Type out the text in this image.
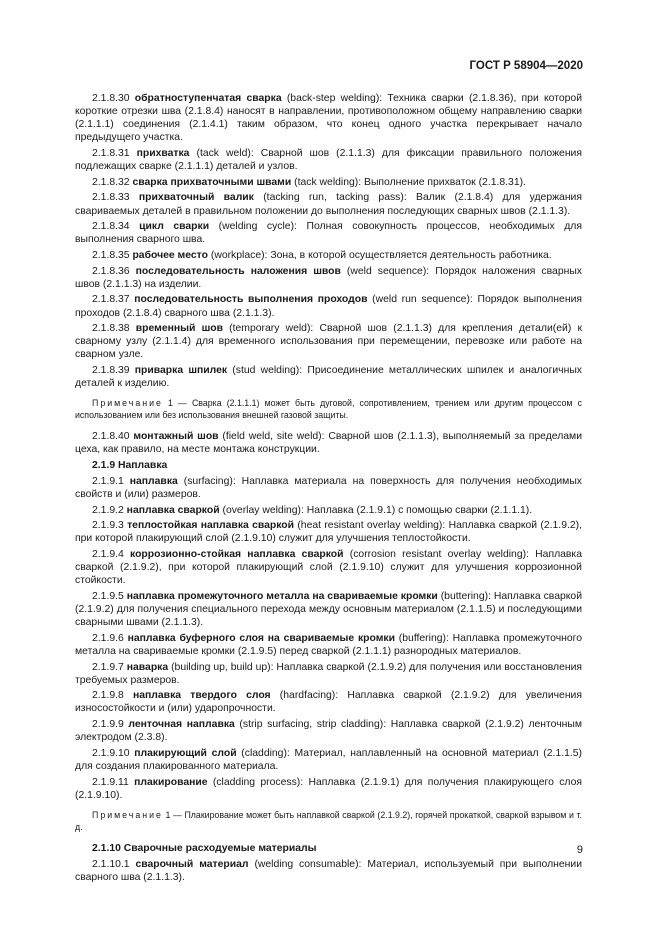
ГОСТ Р 58904—2020
2.1.8.30 обратноступенчатая сварка (back-step welding): Техника сварки (2.1.8.36), при которой короткие отрезки шва (2.1.8.4) наносят в направлении, противоположном общему направлению сварки (2.1.1.1) соединения (2.1.4.1) таким образом, что конец одного участка перекрывает начало предыдущего участка.
2.1.8.31 прихватка (tack weld): Сварной шов (2.1.1.3) для фиксации правильного положения подлежащих сварке (2.1.1.1) деталей и узлов.
2.1.8.32 сварка прихваточными швами (tack welding): Выполнение прихваток (2.1.8.31).
2.1.8.33 прихваточный валик (tacking run, tacking pass): Валик (2.1.8.4) для удержания свариваемых деталей в правильном положении до выполнения последующих сварных швов (2.1.1.3).
2.1.8.34 цикл сварки (welding cycle): Полная совокупность процессов, необходимых для выполнения сварного шва.
2.1.8.35 рабочее место (workplace): Зона, в которой осуществляется деятельность работника.
2.1.8.36 последовательность наложения швов (weld sequence): Порядок наложения сварных швов (2.1.1.3) на изделии.
2.1.8.37 последовательность выполнения проходов (weld run sequence): Порядок выполнения проходов (2.1.8.4) сварного шва (2.1.1.3).
2.1.8.38 временный шов (temporary weld): Сварной шов (2.1.1.3) для крепления детали(ей) к сварному узлу (2.1.1.4) для временного использования при перемещении, перевозке или работе на сварном узле.
2.1.8.39 приварка шпилек (stud welding): Присоединение металлических шпилек и аналогичных деталей к изделию.
Примечание 1 — Сварка (2.1.1.1) может быть дуговой, сопротивлением, трением или другим процессом с использованием или без использования внешней газовой защиты.
2.1.8.40 монтажный шов (field weld, site weld): Сварной шов (2.1.1.3), выполняемый за пределами цеха, как правило, на месте монтажа конструкции.
2.1.9 Наплавка
2.1.9.1 наплавка (surfacing): Наплавка материала на поверхность для получения необходимых свойств и (или) размеров.
2.1.9.2 наплавка сваркой (overlay welding): Наплавка (2.1.9.1) с помощью сварки (2.1.1.1).
2.1.9.3 теплостойкая наплавка сваркой (heat resistant overlay welding): Наплавка сваркой (2.1.9.2), при которой плакирующий слой (2.1.9.10) служит для улучшения теплостойкости.
2.1.9.4 коррозионно-стойкая наплавка сваркой (corrosion resistant overlay welding): Наплавка сваркой (2.1.9.2), при которой плакирующий слой (2.1.9.10) служит для улучшения коррозионной стойкости.
2.1.9.5 наплавка промежуточного металла на свариваемые кромки (buttering): Наплавка сваркой (2.1.9.2) для получения специального перехода между основным материалом (2.1.1.5) и последующими сварными швами (2.1.1.3).
2.1.9.6 наплавка буферного слоя на свариваемые кромки (buffering): Наплавка промежуточного металла на свариваемые кромки (2.1.9.5) перед сваркой (2.1.1.1) разнородных материалов.
2.1.9.7 наварка (building up, build up): Наплавка сваркой (2.1.9.2) для получения или восстановления требуемых размеров.
2.1.9.8 наплавка твердого слоя (hardfacing): Наплавка сваркой (2.1.9.2) для увеличения износостойкости и (или) ударопрочности.
2.1.9.9 ленточная наплавка (strip surfacing, strip cladding): Наплавка сваркой (2.1.9.2) ленточным электродом (2.3.8).
2.1.9.10 плакирующий слой (cladding): Материал, наплавленный на основной материал (2.1.1.5) для создания плакированного материала.
2.1.9.11 плакирование (cladding process): Наплавка (2.1.9.1) для получения плакирующего слоя (2.1.9.10).
Примечание 1 — Плакирование может быть наплавкой сваркой (2.1.9.2), горячей прокаткой, сваркой взрывом и т. д.
2.1.10 Сварочные расходуемые материалы
2.1.10.1 сварочный материал (welding consumable): Материал, используемый при выполнении сварного шва (2.1.1.3).
9
